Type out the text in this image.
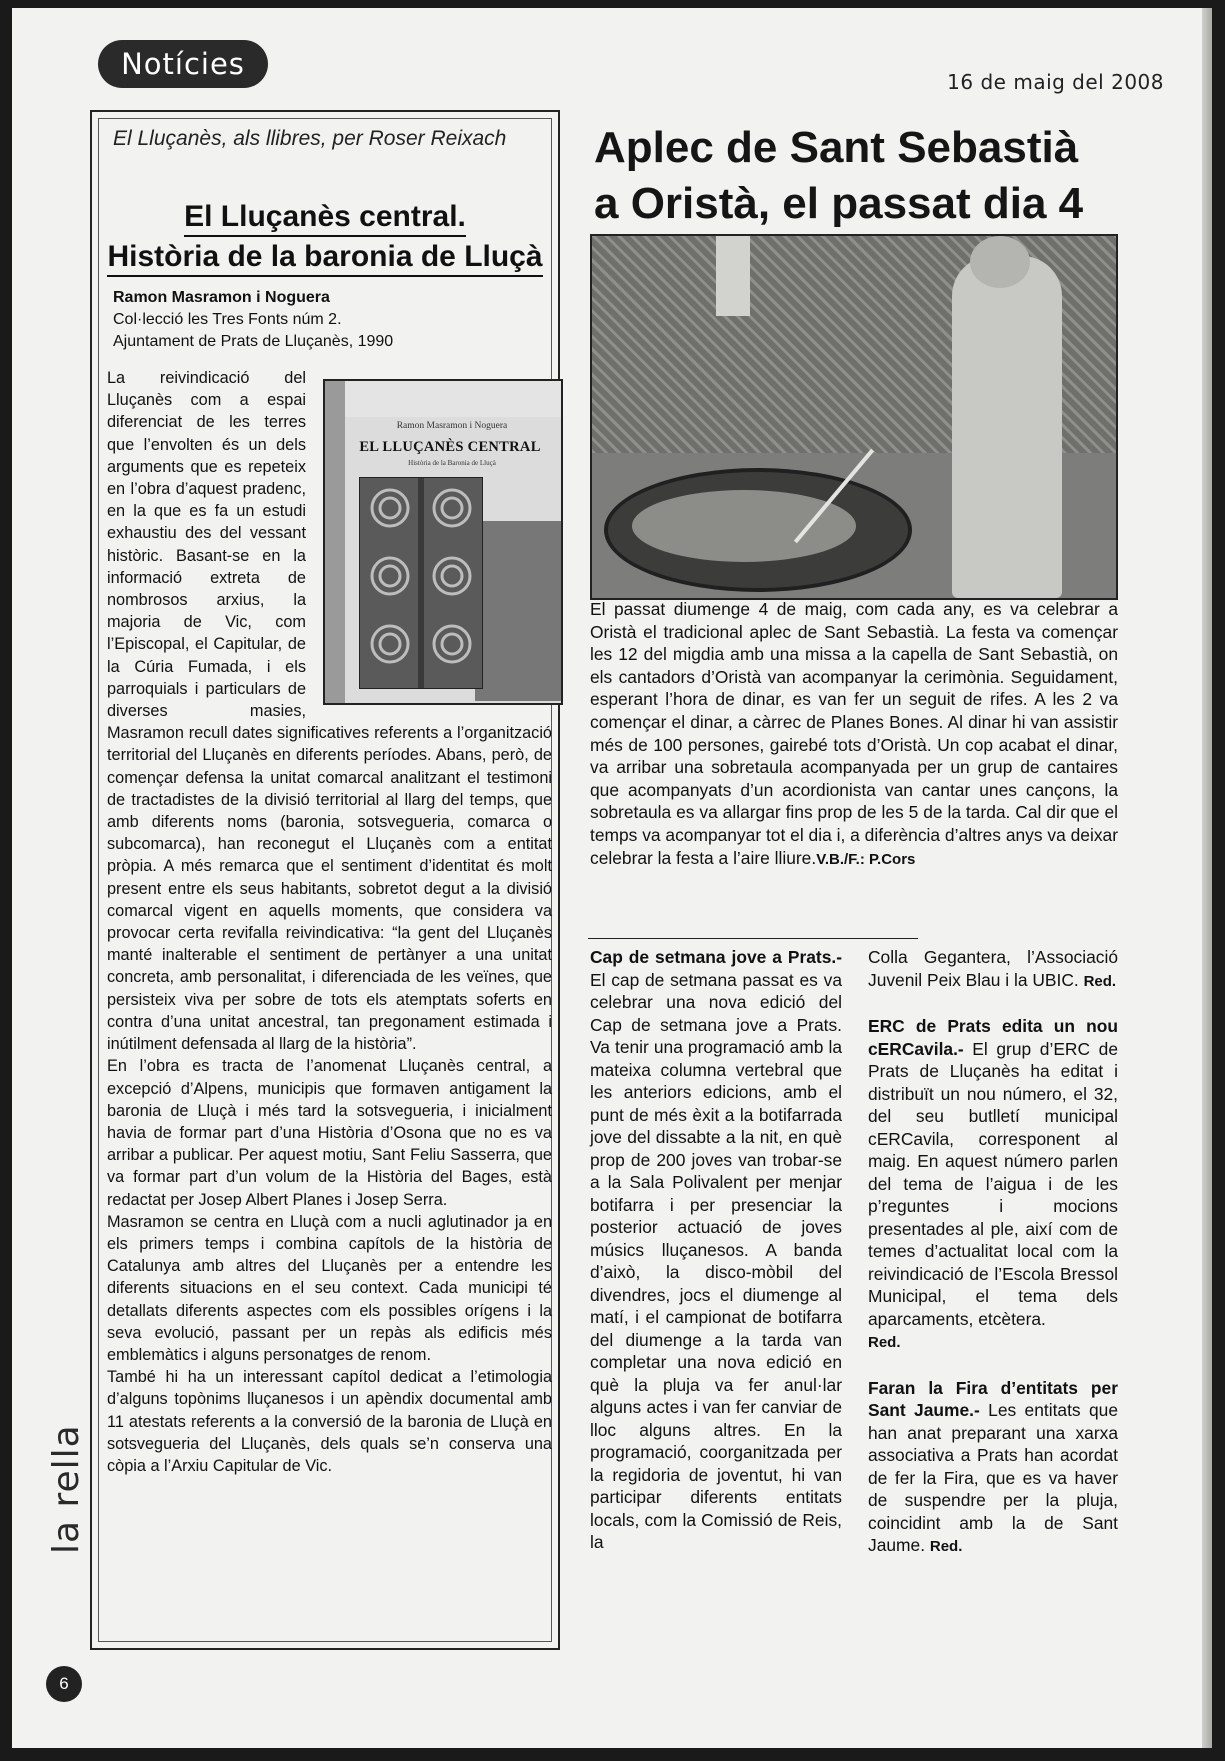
Notícies
16 de maig del 2008
El Lluçanès, als llibres, per Roser Reixach
El Lluçanès central.
Història de la baronia de Lluçà
Ramon Masramon i Noguera
Col·lecció les Tres Fonts núm 2.
Ajuntament de Prats de Lluçanès, 1990
Ramon Masramon i Noguera
EL LLUÇANÈS CENTRAL
Història de la Baronia de Lluçà

La reivindicació del Lluçanès com a espai diferenciat de les terres que l’envolten és un dels arguments que es repeteix en l’obra d’aquest pradenc, en la que es fa un estudi exhaustiu des del vessant històric. Basant-se en la informació extreta de nombrosos arxius, la majoria de Vic, com l’Episcopal, el Capitular, de la Cúria Fumada, i els parroquials i particulars de diverses masies, Masramon recull dates significatives referents a l’organització territorial del Lluçanès en diferents períodes. Abans, però, de començar defensa la unitat comarcal analitzant el testimoni de tractadistes de la divisió territorial al llarg del temps, que amb diferents noms (baronia, sotsvegueria, comarca o subcomarca), han reconegut el Lluçanès com a entitat pròpia. A més remarca que el sentiment d’identitat és molt present entre els seus habitants, sobretot degut a la divisió comarcal vigent en aquells moments, que considera va provocar certa revifalla reivindicativa: “la gent del Lluçanès manté inalterable el sentiment de pertànyer a una unitat concreta, amb personalitat, i diferenciada de les veïnes, que persisteix viva per sobre de tots els atemptats soferts en contra d’una unitat ancestral, tan pregonament estimada i inútilment defensada al llarg de la història”.

En l’obra es tracta de l’anomenat Lluçanès central, a excepció d’Alpens, municipis que formaven antigament la baronia de Lluçà i més tard la sotsvegueria, i inicialment havia de formar part d’una Història d’Osona que no es va arribar a publicar. Per aquest motiu, Sant Feliu Sasserra, que va formar part d’un volum de la Història del Bages, està redactat per Josep Albert Planes i Josep Serra.

Masramon se centra en Lluçà com a nucli aglutinador ja en els primers temps i combina capítols de la història de Catalunya amb altres del Lluçanès per a entendre les diferents situacions en el seu context. Cada municipi té detallats diferents aspectes com els possibles orígens i la seva evolució, passant per un repàs als edificis més emblemàtics i alguns personatges de renom.

També hi ha un interessant capítol dedicat a l’etimologia d’alguns topònims lluçanesos i un apèndix documental amb 11 atestats referents a la conversió de la baronia de Lluçà en sotsvegueria del Lluçanès, dels quals se’n conserva una còpia a l’Arxiu Capitular de Vic.

Aplec de Sant Sebastià
a Oristà, el passat dia 4
El passat diumenge 4 de maig, com cada any, es va celebrar a Oristà el tradicional aplec de Sant Sebastià. La festa va començar les 12 del migdia amb una missa a la capella de Sant Sebastià, on els cantadors d’Oristà van acompanyar la cerimònia. Seguidament, esperant l’hora de dinar, es van fer un seguit de rifes. A les 2 va començar el dinar, a càrrec de Planes Bones. Al dinar hi van assistir més de 100 persones, gairebé tots d’Oristà. Un cop acabat el dinar, va arribar una sobretaula acompanyada per un grup de cantaires que acompanyats d’un acordionista van cantar unes cançons, la sobretaula es va allargar fins prop de les 5 de la tarda. Cal dir que el temps va acompanyar tot el dia i, a diferència d’altres anys va deixar celebrar la festa a l’aire lliure.V.B./F.: P.Cors

Cap de setmana jove a Prats.- El cap de setmana passat es va celebrar una nova edició del Cap de setmana jove a Prats. Va tenir una programació amb la mateixa columna vertebral que les anteriors edicions, amb el punt de més èxit a la botifarrada jove del dissabte a la nit, en què prop de 200 joves van trobar-se a la Sala Polivalent per menjar botifarra i per presenciar la posterior actuació de joves músics lluçanesos. A banda d’això, la disco-mòbil del divendres, jocs el diumenge al matí, i el campionat de botifarra del diumenge a la tarda van completar una nova edició en què la pluja va fer anul·lar alguns actes i van fer canviar de lloc alguns altres. En la programació, coorganitzada per la regidoria de joventut, hi van participar diferents entitats locals, com la Comissió de Reis, la

Colla Gegantera, l’Associació Juvenil Peix Blau i la UBIC. Red.

ERC de Prats edita un nou cERCavila.- El grup d’ERC de Prats de Lluçanès ha editat i distribuït un nou número, el 32, del seu butlletí municipal cERCavila, corresponent al maig. En aquest número parlen del tema de l’aigua i de les p’reguntes i mocions presentades al ple, així com de temes d’actualitat local com la reivindicació de l’Escola Bressol Municipal, el tema dels aparcaments, etcètera.
Red.

Faran la Fira d’entitats per Sant Jaume.- Les entitats que han anat preparant una xarxa associativa a Prats han acordat de fer la Fira, que es va haver de suspendre per la pluja, coincidint amb la de Sant Jaume. Red.

la rella
6
